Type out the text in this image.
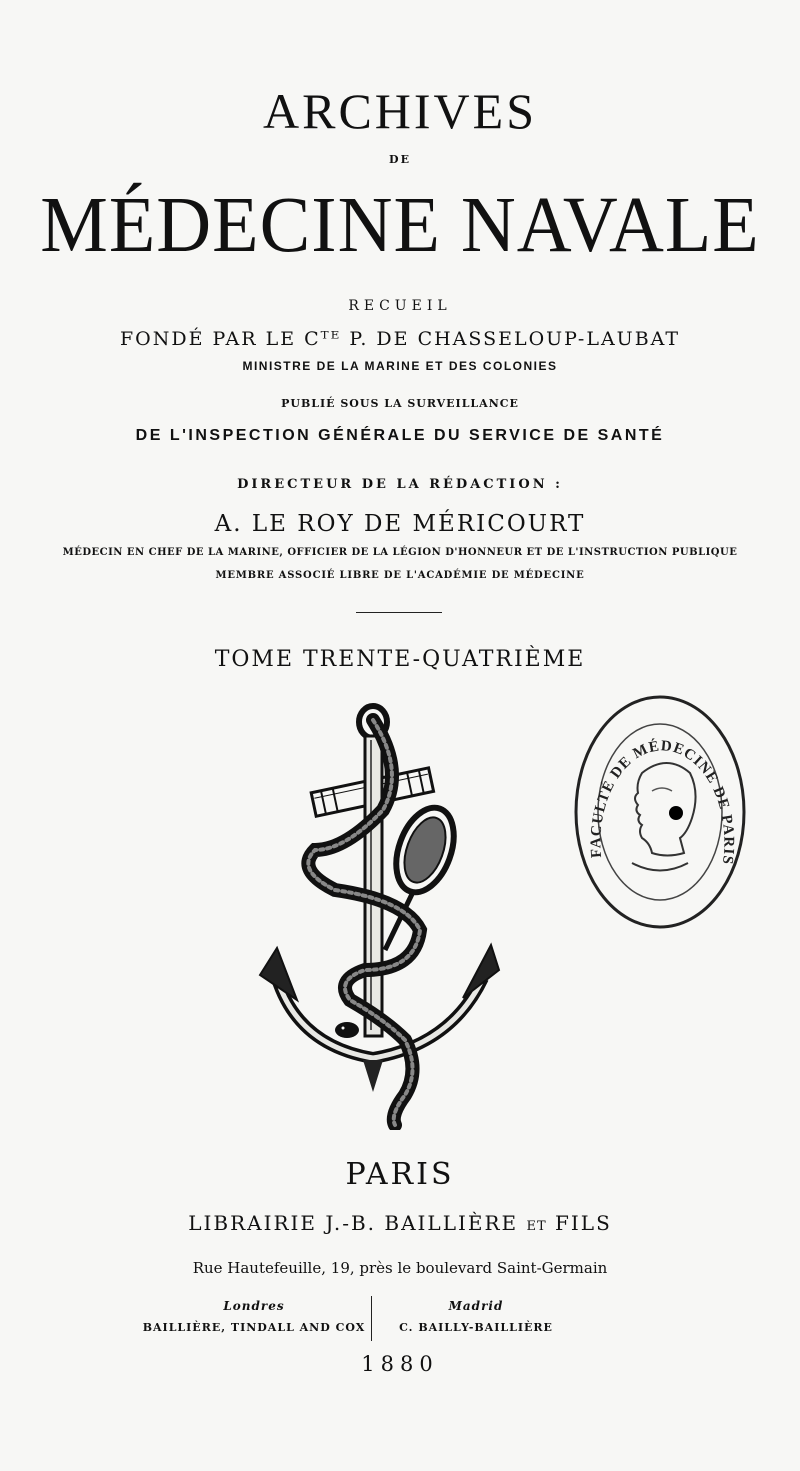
ARCHIVES
DE
MÉDECINE NAVALE
RECUEIL
FONDÉ PAR LE Cᵀᴱ P. DE CHASSELOUP-LAUBAT
MINISTRE DE LA MARINE ET DES COLONIES
PUBLIÉ SOUS LA SURVEILLANCE
DE L'INSPECTION GÉNÉRALE DU SERVICE DE SANTÉ
DIRECTEUR DE LA RÉDACTION :
A. LE ROY DE MÉRICOURT
MÉDECIN EN CHEF DE LA MARINE, OFFICIER DE LA LÉGION D'HONNEUR ET DE L'INSTRUCTION PUBLIQUE
MEMBRE ASSOCIÉ LIBRE DE L'ACADÉMIE DE MÉDECINE
TOME TRENTE-QUATRIÈME
FACULTÉ DE MÉDECINE DE PARIS
PARIS
LIBRAIRIE J.-B. BAILLIÈRE ET FILS
Rue Hautefeuille, 19, près le boulevard Saint-Germain
Londres
BAILLIÈRE, TINDALL AND COX
Madrid
C. BAILLY-BAILLIÈRE
1880
